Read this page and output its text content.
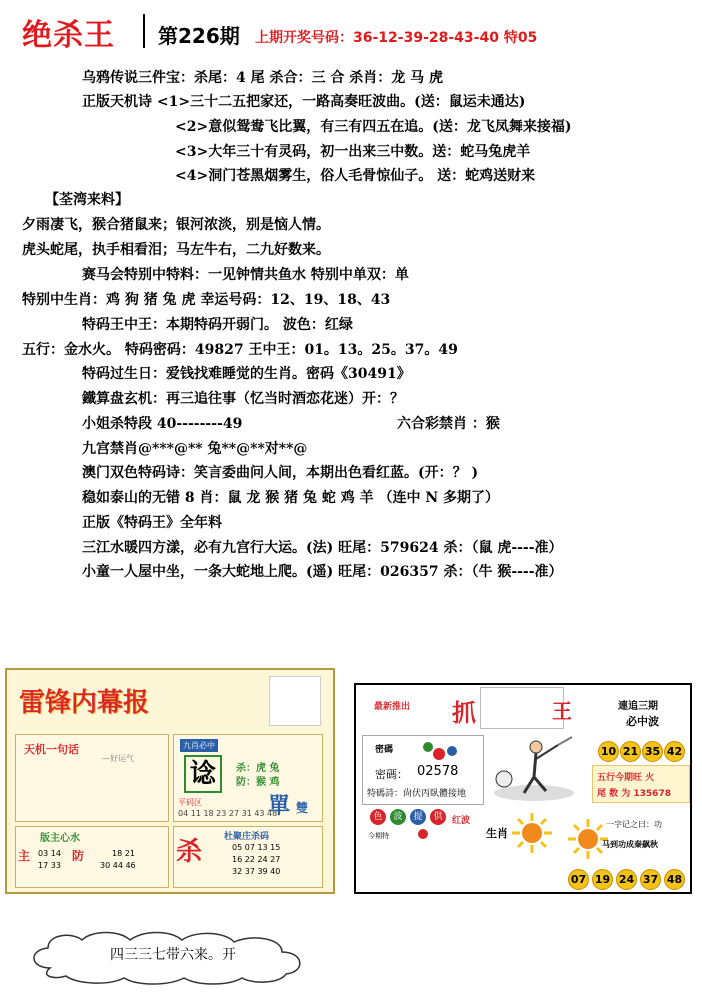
绝杀王 第226期 上期开奖号码：36-12-39-28-43-40 特05
乌鸦传说三件宝：杀尾：4 尾 杀合：三 合 杀肖：龙 马 虎
正版天机诗 <1>三十二五把家还，一路高奏旺波曲。(送：鼠运未通达)
<2>意似鸳鸯飞比翼，有三有四五在追。(送：龙飞凤舞来接福)
<3>大年三十有灵码，初一出来三中数。送：蛇马兔虎羊
<4>洞门苍黑烟雾生，俗人毛骨惊仙子。 送：蛇鸡送财来
【荃湾来料】
夕雨凄飞，猴合猪鼠来；银河浓淡，别是恼人情。
虎头蛇尾，执手相看泪；马左牛右，二九好数来。
赛马会特别中特料：一见钟情共鱼水 特别中单双：单
特别中生肖：鸡 狗 猪 兔 虎 幸运号码：12、19、18、43
特码王中王：本期特码开弱门。 波色：红绿
五行：金水火。 特码密码：49827 王中王：01。13。25。37。49
特码过生日：爱钱找难睡觉的生肖。密码《30491》
鐵算盘玄机：再三追往事（忆当时酒恋花迷）开：？
小姐杀特段 40--------49	六合彩禁肖 ：猴
九宫禁肖@***@** 兔**@**对**@
澳门双色特码诗：笑言委曲问人间，本期出色看红蓝。(开：？ )
稳如泰山的无错 8 肖：鼠 龙 猴 猪 兔 蛇 鸡 羊 （连中 N 多期了）
正版《特码王》全年料
三江水暖四方漾，必有九宫行大运。(法) 旺尾：579624 杀：（鼠 虎----准）
小童一人屋中坐，一条大蛇地上爬。(遥) 旺尾：026357 杀：（牛 猴----准）
雷锋内幕报
天机一句话
—好运气
九肖必中
谂	杀：虎 兔
防：猴 鸡
平码区
04 11 18 23 27 31 43 48
單 雙
版主心水
主 03 14
17 33
防	18 21
30 44 46 杀 杜聚庄杀码
05 07 13 15
16 22 24 27
32 37 39 40
最新推出 抓	王	連追三期
必中波
密碼
密碼： 02578
特碼詩：尙伏丙臥體接地
10 21 35 42
五行今期旺 火
尾 数 为 135678
色	波	提	供	红波
今期特	生肖
一字记之曰：功
马到功成秦飙秋
07 19 24 37 48
四三三七带六来。开
